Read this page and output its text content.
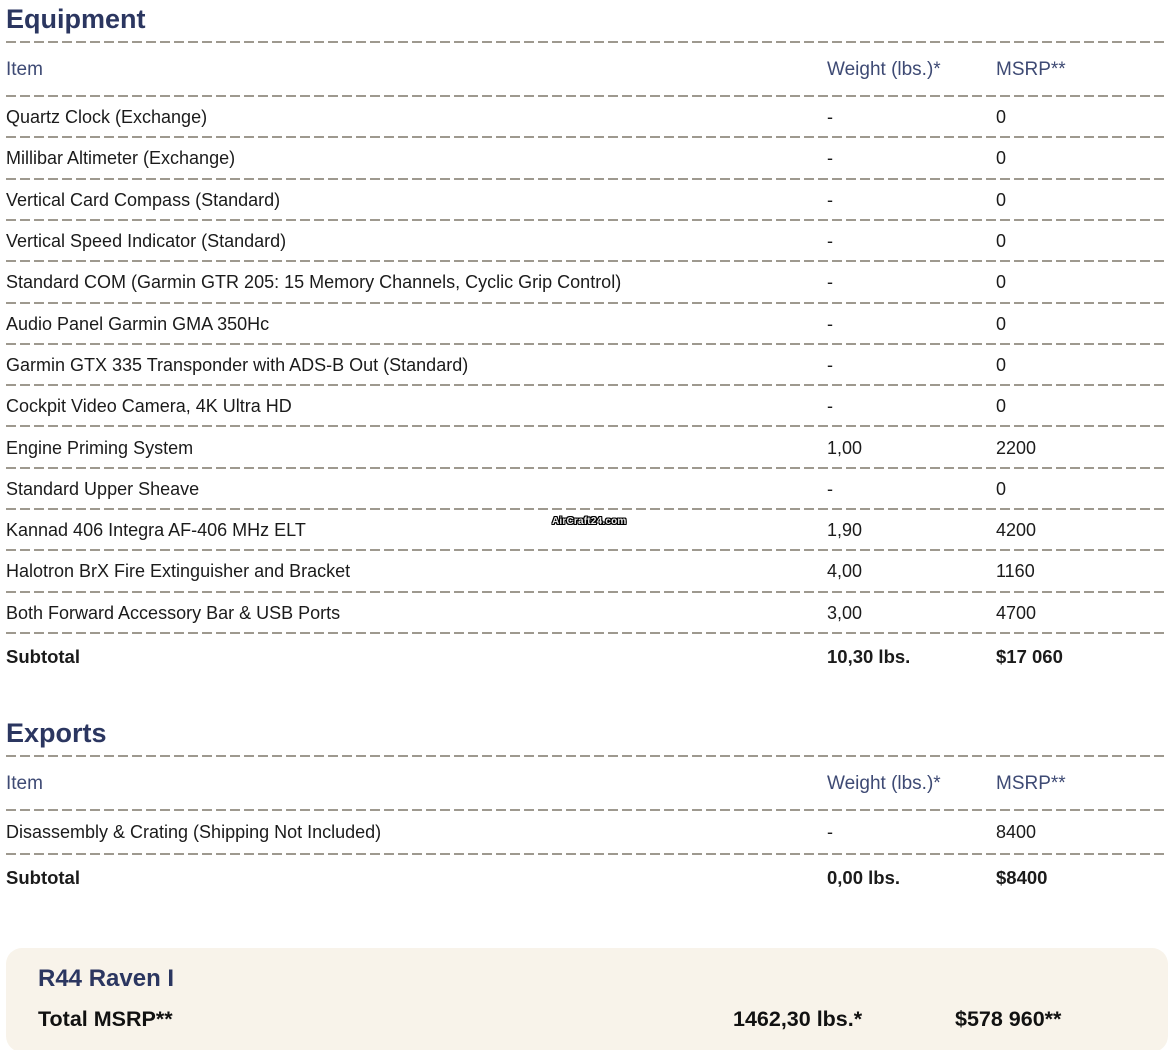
Equipment
Item	Weight (lbs.)*	MSRP**
Quartz Clock (Exchange)	-	0
Millibar Altimeter (Exchange)	-	0
Vertical Card Compass (Standard)	-	0
Vertical Speed Indicator (Standard)	-	0
Standard COM (Garmin GTR 205: 15 Memory Channels, Cyclic Grip Control)	-	0
Audio Panel Garmin GMA 350Hc	-	0
Garmin GTX 335 Transponder with ADS-B Out (Standard)	-	0
Cockpit Video Camera, 4K Ultra HD	-	0
Engine Priming System	1,00	2200
Standard Upper Sheave	-	0
Kannad 406 Integra AF-406 MHz ELT	1,90	4200
Halotron BrX Fire Extinguisher and Bracket	4,00	1160
Both Forward Accessory Bar & USB Ports	3,00	4700
Subtotal	10,30 lbs.	$17 060
Exports
Item	Weight (lbs.)*	MSRP**
Disassembly & Crating (Shipping Not Included)	-	8400
Subtotal	0,00 lbs.	$8400
R44 Raven I
Total MSRP**	1462,30 lbs.*	$578 960**
AirCraft24.com
